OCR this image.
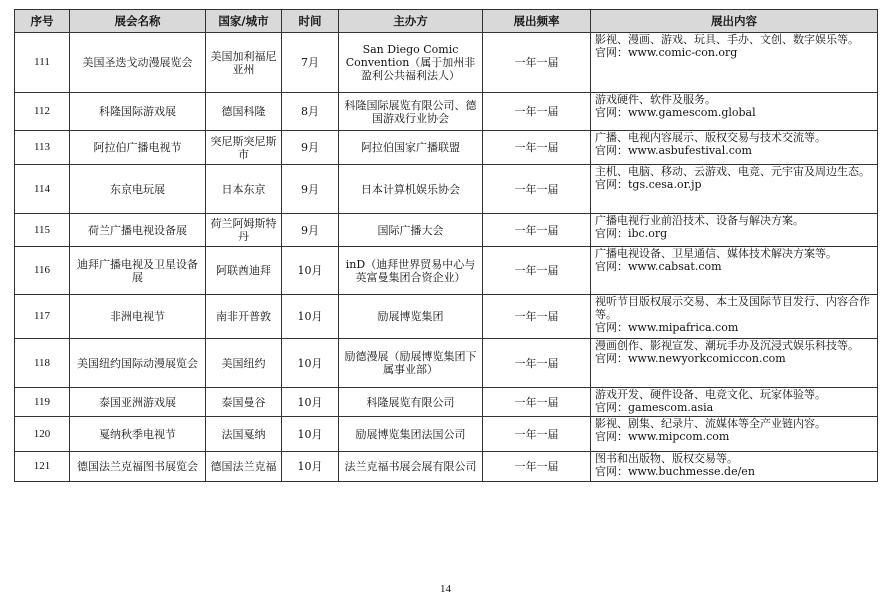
序号	展会名称	国家/城市	时间	主办方	展出频率	展出内容
111	美国圣迭戈动漫展览会	美国加利福尼亚州	7月	San Diego Comic Convention（属于加州非盈利公共福利法人）	一年一届	影视、漫画、游戏、玩具、手办、文创、数字娱乐等。
官网：www.comic-con.org

112	科隆国际游戏展	德国科隆	8月	科隆国际展览有限公司、德国游戏行业协会	一年一届	游戏硬件、软件及服务。
官网：www.gamescom.global

113	阿拉伯广播电视节	突尼斯突尼斯市	9月	阿拉伯国家广播联盟	一年一届	广播、电视内容展示、版权交易与技术交流等。
官网：www.asbufestival.com

114	东京电玩展	日本东京	9月	日本计算机娱乐协会	一年一届	主机、电脑、移动、云游戏、电竞、元宇宙及周边生态。
官网：tgs.cesa.or.jp

115	荷兰广播电视设备展	荷兰阿姆斯特丹	9月	国际广播大会	一年一届	广播电视行业前沿技术、设备与解决方案。
官网：ibc.org

116	迪拜广播电视及卫星设备展	阿联酋迪拜	10月	inD（迪拜世界贸易中心与英富曼集团合资企业）	一年一届	广播电视设备、卫星通信、媒体技术解决方案等。
官网：www.cabsat.com

117	非洲电视节	南非开普敦	10月	励展博览集团	一年一届	视听节目版权展示交易、本土及国际节目发行、内容合作等。
官网：www.mipafrica.com

118	美国纽约国际动漫展览会	美国纽约	10月	励德漫展（励展博览集团下属事业部）	一年一届	漫画创作、影视宣发、潮玩手办及沉浸式娱乐科技等。
官网：www.newyorkcomiccon.com

119	泰国亚洲游戏展	泰国曼谷	10月	科隆展览有限公司	一年一届	游戏开发、硬件设备、电竞文化、玩家体验等。
官网：gamescom.asia

120	戛纳秋季电视节	法国戛纳	10月	励展博览集团法国公司	一年一届	影视、剧集、纪录片、流媒体等全产业链内容。
官网：www.mipcom.com

121	德国法兰克福图书展览会	德国法兰克福	10月	法兰克福书展会展有限公司	一年一届	图书和出版物、版权交易等。
官网：www.buchmesse.de/en
14
